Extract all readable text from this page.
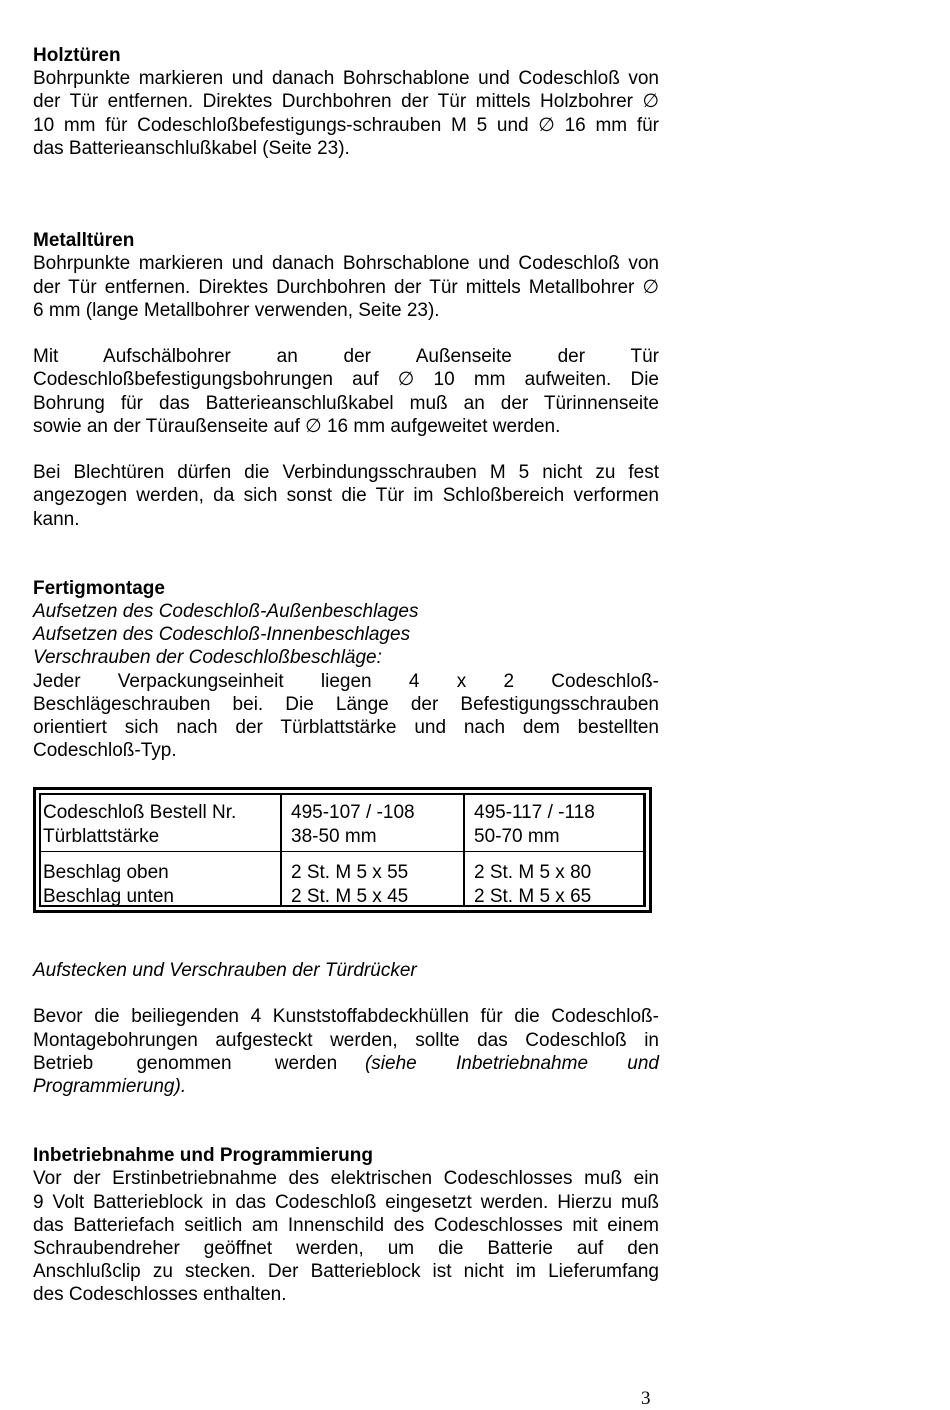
Holztüren

Bohrpunkte markieren und danach Bohrschablone und Codeschloß von

der Tür entfernen. Direktes Durchbohren der Tür mittels Holzbohrer ∅

10 mm für Codeschloßbefestigungs-schrauben M 5 und ∅ 16 mm für

das Batterieanschlußkabel (Seite 23).

Metalltüren

Bohrpunkte markieren und danach Bohrschablone und Codeschloß von

der Tür entfernen. Direktes Durchbohren der Tür mittels Metallbohrer ∅

6 mm (lange Metallbohrer verwenden, Seite 23).

Mit Aufschälbohrer an der Außenseite der Tür

Codeschloßbefestigungsbohrungen auf ∅ 10 mm aufweiten. Die

Bohrung für das Batterieanschlußkabel muß an der Türinnenseite

sowie an der Türaußenseite auf ∅ 16 mm aufgeweitet werden.

Bei Blechtüren dürfen die Verbindungsschrauben M 5 nicht zu fest

angezogen werden, da sich sonst die Tür im Schloßbereich verformen

kann.

Fertigmontage

Aufsetzen des Codeschloß-Außenbeschlages

Aufsetzen des Codeschloß-Innenbeschlages

Verschrauben der Codeschloßbeschläge:

Jeder Verpackungseinheit liegen 4 x 2 Codeschloß-

Beschlägeschrauben bei. Die Länge der Befestigungsschrauben

orientiert sich nach der Türblattstärke und nach dem bestellten

Codeschloß-Typ.

Codeschloß Bestell Nr.
Türblattstärke
495-107 / -108
38-50 mm
495-117 / -118
50-70 mm
Beschlag oben
Beschlag unten
2 St. M 5 x 55
2 St. M 5 x 45
2 St. M 5 x 80
2 St. M 5 x 65

Aufstecken und Verschrauben der Türdrücker

Bevor die beiliegenden 4 Kunststoffabdeckhüllen für die Codeschloß-

Montagebohrungen aufgesteckt werden, sollte das Codeschloß in

Betrieb genommen werden (siehe Inbetriebnahme und

Programmierung).

Inbetriebnahme und Programmierung

Vor der Erstinbetriebnahme des elektrischen Codeschlosses muß ein

9 Volt Batterieblock in das Codeschloß eingesetzt werden. Hierzu muß

das Batteriefach seitlich am Innenschild des Codeschlosses mit einem

Schraubendreher geöffnet werden, um die Batterie auf den

Anschlußclip zu stecken. Der Batterieblock ist nicht im Lieferumfang

des Codeschlosses enthalten.

3
